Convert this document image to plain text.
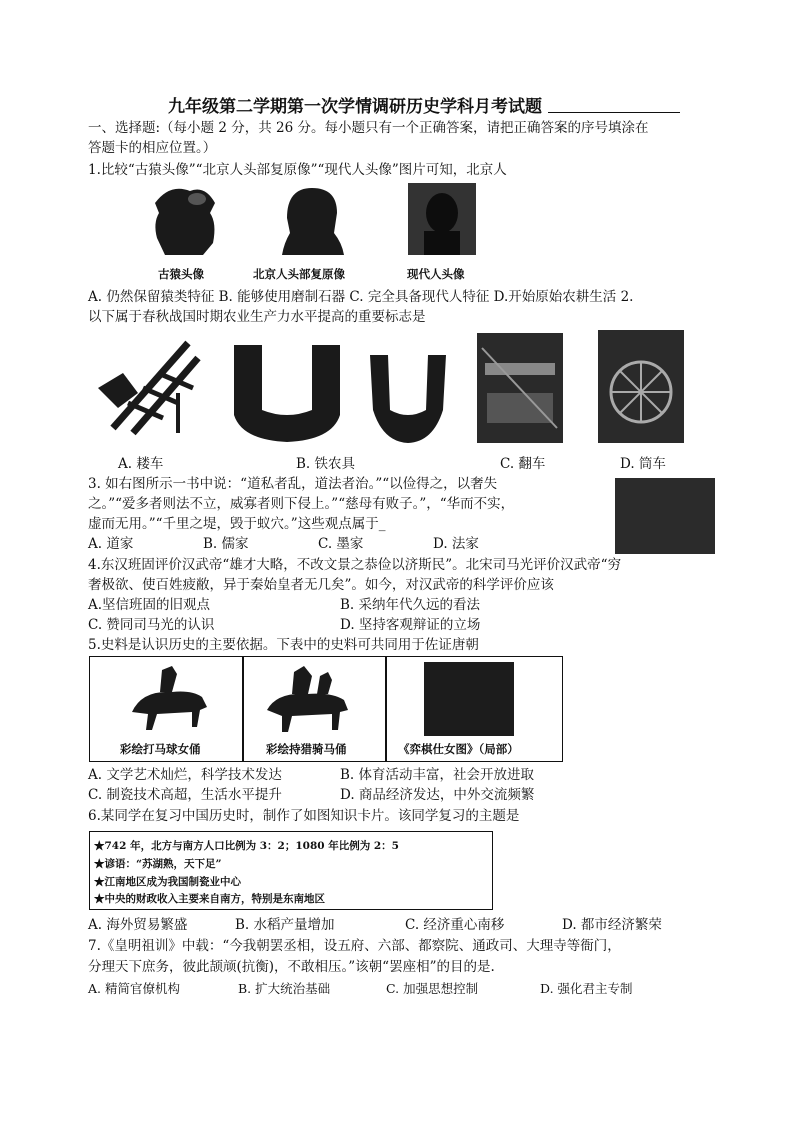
九年级第二学期第一次学情调研历史学科月考试题
一、选择题:（每小题 2 分，共 26 分。每小题只有一个正确答案，请把正确答案的序号填涂在
答题卡的相应位置。）
1.比较“古猿头像”“北京人头部复原像”“现代人头像”图片可知，北京人
古猿头像	北京人头部复原像	现代人头像
A. 仍然保留猿类特征 B. 能够使用磨制石器 C. 完全具备现代人特征 D.开始原始农耕生活 2.
以下属于春秋战国时期农业生产力水平提高的重要标志是
A. 耧车	B. 铁农具	C. 翻车	D. 筒车
3. 如右图所示一书中说：“道私者乱，道法者治。”“以俭得之，以奢失
之。”“爱多者则法不立，威寡者则下侵上。”“慈母有败子。”，“华而不实，
虚而无用。”“千里之堤，毁于蚁穴。”这些观点属于_
A. 道家	B. 儒家	C. 墨家	D. 法家
4.东汉班固评价汉武帝“雄才大略，不改文景之恭俭以济斯民”。北宋司马光评价汉武帝“穷
奢极欲、使百姓疲敝，异于秦始皇者无几矣”。如今，对汉武帝的科学评价应该
A.坚信班固的旧观点	B. 采纳年代久远的看法
C. 赞同司马光的认识	D. 坚持客观辩证的立场
5.史料是认识历史的主要依据。下表中的史料可共同用于佐证唐朝
彩绘打马球女俑	彩绘持猎骑马俑	《弈棋仕女图》（局部）
A. 文学艺术灿烂，科学技术发达	B. 体育活动丰富，社会开放进取
C. 制瓷技术高超，生活水平提升	D. 商品经济发达，中外交流频繁
6.某同学在复习中国历史时，制作了如图知识卡片。该同学复习的主题是
★742 年，北方与南方人口比例为 3：2；1080 年比例为 2：5
★谚语：“苏湖熟，天下足”
★江南地区成为我国制瓷业中心
★中央的财政收入主要来自南方，特别是东南地区
A. 海外贸易繁盛	B. 水稻产量增加	C. 经济重心南移	D. 都市经济繁荣
7.《皇明祖训》中载：“今我朝罢丞相，设五府、六部、都察院、通政司、大理寺等衙门，
分理天下庶务，彼此颉颃(抗衡)，不敢相压。”该朝“罢座相”的目的是.
A. 精简官僚机构	B. 扩大统治基础	C. 加强思想控制	D. 强化君主专制
